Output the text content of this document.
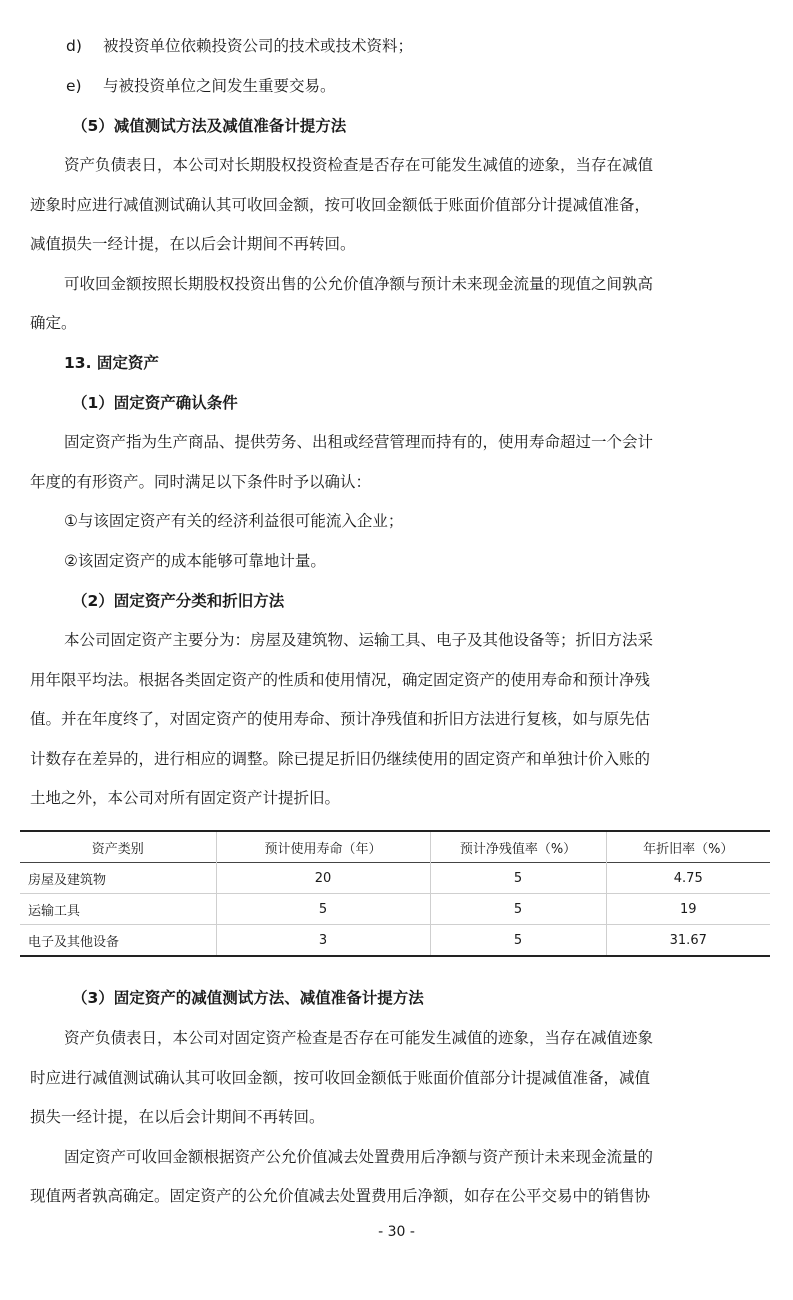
d) 被投资单位依赖投资公司的技术或技术资料；
e) 与被投资单位之间发生重要交易。
（5）减值测试方法及减值准备计提方法
资产负债表日，本公司对长期股权投资检查是否存在可能发生减值的迹象，当存在减值
迹象时应进行减值测试确认其可收回金额，按可收回金额低于账面价值部分计提减值准备，
减值损失一经计提，在以后会计期间不再转回。
可收回金额按照长期股权投资出售的公允价值净额与预计未来现金流量的现值之间孰高
确定。
13. 固定资产
（1）固定资产确认条件
固定资产指为生产商品、提供劳务、出租或经营管理而持有的，使用寿命超过一个会计
年度的有形资产。同时满足以下条件时予以确认：
①与该固定资产有关的经济利益很可能流入企业；
②该固定资产的成本能够可靠地计量。
（2）固定资产分类和折旧方法
本公司固定资产主要分为：房屋及建筑物、运输工具、电子及其他设备等；折旧方法采
用年限平均法。根据各类固定资产的性质和使用情况，确定固定资产的使用寿命和预计净残
值。并在年度终了，对固定资产的使用寿命、预计净残值和折旧方法进行复核，如与原先估
计数存在差异的，进行相应的调整。除已提足折旧仍继续使用的固定资产和单独计价入账的
土地之外，本公司对所有固定资产计提折旧。
资产类别	预计使用寿命（年）	预计净残值率（%）	年折旧率（%）
房屋及建筑物	20	5	4.75
运输工具	5	5	19
电子及其他设备	3	5	31.67
（3）固定资产的减值测试方法、减值准备计提方法
资产负债表日，本公司对固定资产检查是否存在可能发生减值的迹象，当存在减值迹象
时应进行减值测试确认其可收回金额，按可收回金额低于账面价值部分计提减值准备，减值
损失一经计提，在以后会计期间不再转回。
固定资产可收回金额根据资产公允价值减去处置费用后净额与资产预计未来现金流量的
现值两者孰高确定。固定资产的公允价值减去处置费用后净额，如存在公平交易中的销售协
- 30 -
